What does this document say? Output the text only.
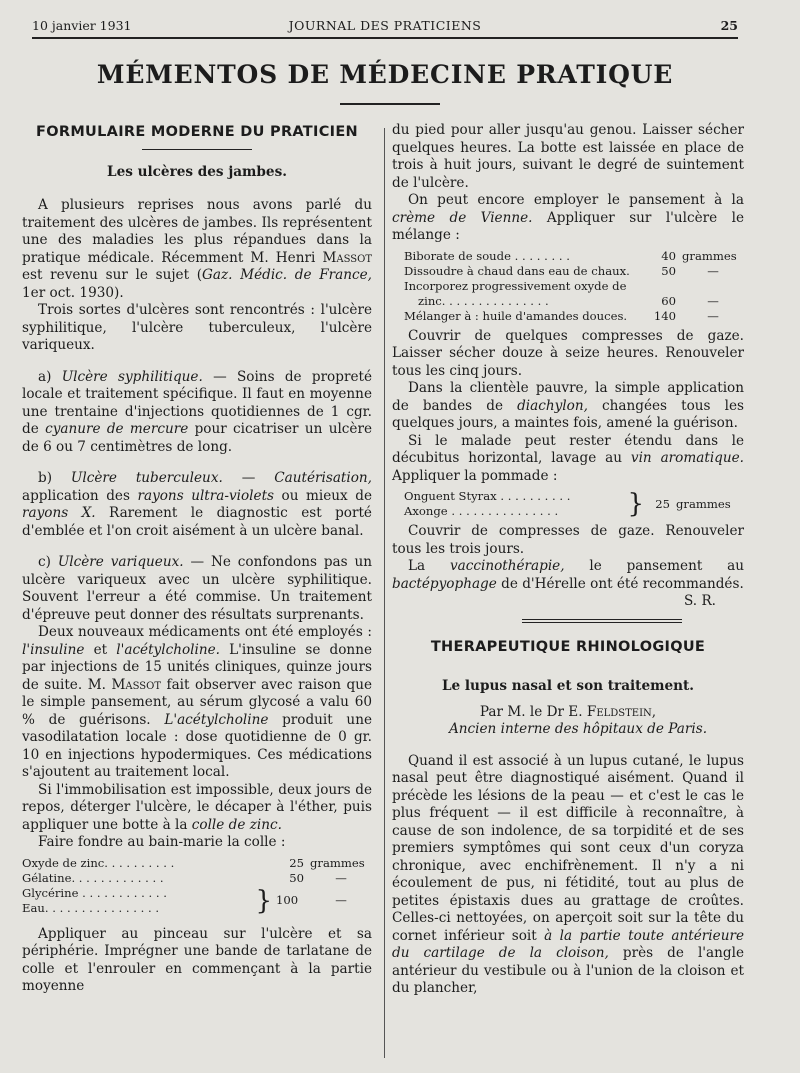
10 janvier 1931	JOURNAL DES PRATICIENS	25
MÉMENTOS DE MÉDECINE PRATIQUE
FORMULAIRE MODERNE DU PRATICIEN
Les ulcères des jambes.

A plusieurs reprises nous avons parlé du traitement des ulcères de jambes. Ils représentent une des maladies les plus répandues dans la pratique médicale. Récemment M. Henri Massot est revenu sur le sujet (Gaz. Médic. de France, 1er oct. 1930).

Trois sortes d'ulcères sont rencontrés : l'ulcère syphilitique, l'ulcère tuberculeux, l'ulcère variqueux.

a) Ulcère syphilitique. — Soins de propreté locale et traitement spécifique. Il faut en moyenne une trentaine d'injections quotidiennes de 1 cgr. de cyanure de mercure pour cicatriser un ulcère de 6 ou 7 centimètres de long.

b) Ulcère tuberculeux. — Cautérisation, application des rayons ultra-violets ou mieux de rayons X. Rarement le diagnostic est porté d'emblée et l'on croit aisément à un ulcère banal.

c) Ulcère variqueux. — Ne confondons pas un ulcère variqueux avec un ulcère syphilitique. Souvent l'erreur a été commise. Un traitement d'épreuve peut donner des résultats surprenants.

Deux nouveaux médicaments ont été employés : l'insuline et l'acétylcholine. L'insuline se donne par injections de 15 unités cliniques, quinze jours de suite. M. Massot fait observer avec raison que le simple pansement, au sérum glycosé a valu 60 % de guérisons. L'acétylcholine produit une vasodilatation locale : dose quotidienne de 0 gr. 10 en injections hypodermiques. Ces médications s'ajoutent au traitement local.

Si l'immobilisation est impossible, deux jours de repos, déterger l'ulcère, le décaper à l'éther, puis appliquer une botte à la colle de zinc.

Faire fondre au bain-marie la colle :

Oxyde de zinc. . . . . . . . . .	25 grammes
Gélatine. . . . . . . . . . . . .	50	—
Glycérine . . . . . . . . . . . .
Eau. . . . . . . . . . . . . . . .	} 100	—

Appliquer au pinceau sur l'ulcère et sa périphérie. Imprégner une bande de tarlatane de colle et l'enrouler en commençant à la partie moyenne

du pied pour aller jusqu'au genou. Laisser sécher quelques heures. La botte est laissée en place de trois à huit jours, suivant le degré de suintement de l'ulcère.

On peut encore employer le pansement à la crème de Vienne. Appliquer sur l'ulcère le mélange :

Biborate de soude . . . . . . . .	40 grammes
Dissoudre à chaud dans eau de chaux.	50	—
Incorporez progressivement oxyde de
zinc. . . . . . . . . . . . . . .	60	—
Mélanger à : huile d'amandes douces.	140	—

Couvrir de quelques compresses de gaze. Laisser sécher douze à seize heures. Renouveler tous les cinq jours.

Dans la clientèle pauvre, la simple application de bandes de diachylon, changées tous les quelques jours, a maintes fois, amené la guérison.

Si le malade peut rester étendu dans le décubitus horizontal, lavage au vin aromatique. Appliquer la pommade :

Onguent Styrax . . . . . . . . . .
Axonge . . . . . . . . . . . . . . .	} 25 grammes

Couvrir de compresses de gaze. Renouveler tous les trois jours.

La vaccinothérapie, le pansement au bactépyophage de d'Hérelle ont été recommandés.

S. R.
THERAPEUTIQUE RHINOLOGIQUE
Le lupus nasal et son traitement.
Par M. le Dr E. Feldstein,
Ancien interne des hôpitaux de Paris.

Quand il est associé à un lupus cutané, le lupus nasal peut être diagnostiqué aisément. Quand il précède les lésions de la peau — et c'est le cas le plus fréquent — il est difficile à reconnaître, à cause de son indolence, de sa torpidité et de ses premiers symptômes qui sont ceux d'un coryza chronique, avec enchifrènement. Il n'y a ni écoulement de pus, ni fétidité, tout au plus de petites épistaxis dues au grattage de croûtes. Celles-ci nettoyées, on aperçoit soit sur la tête du cornet inférieur soit à la partie toute antérieure du cartilage de la cloison, près de l'angle antérieur du vestibule ou à l'union de la cloison et du plancher,
